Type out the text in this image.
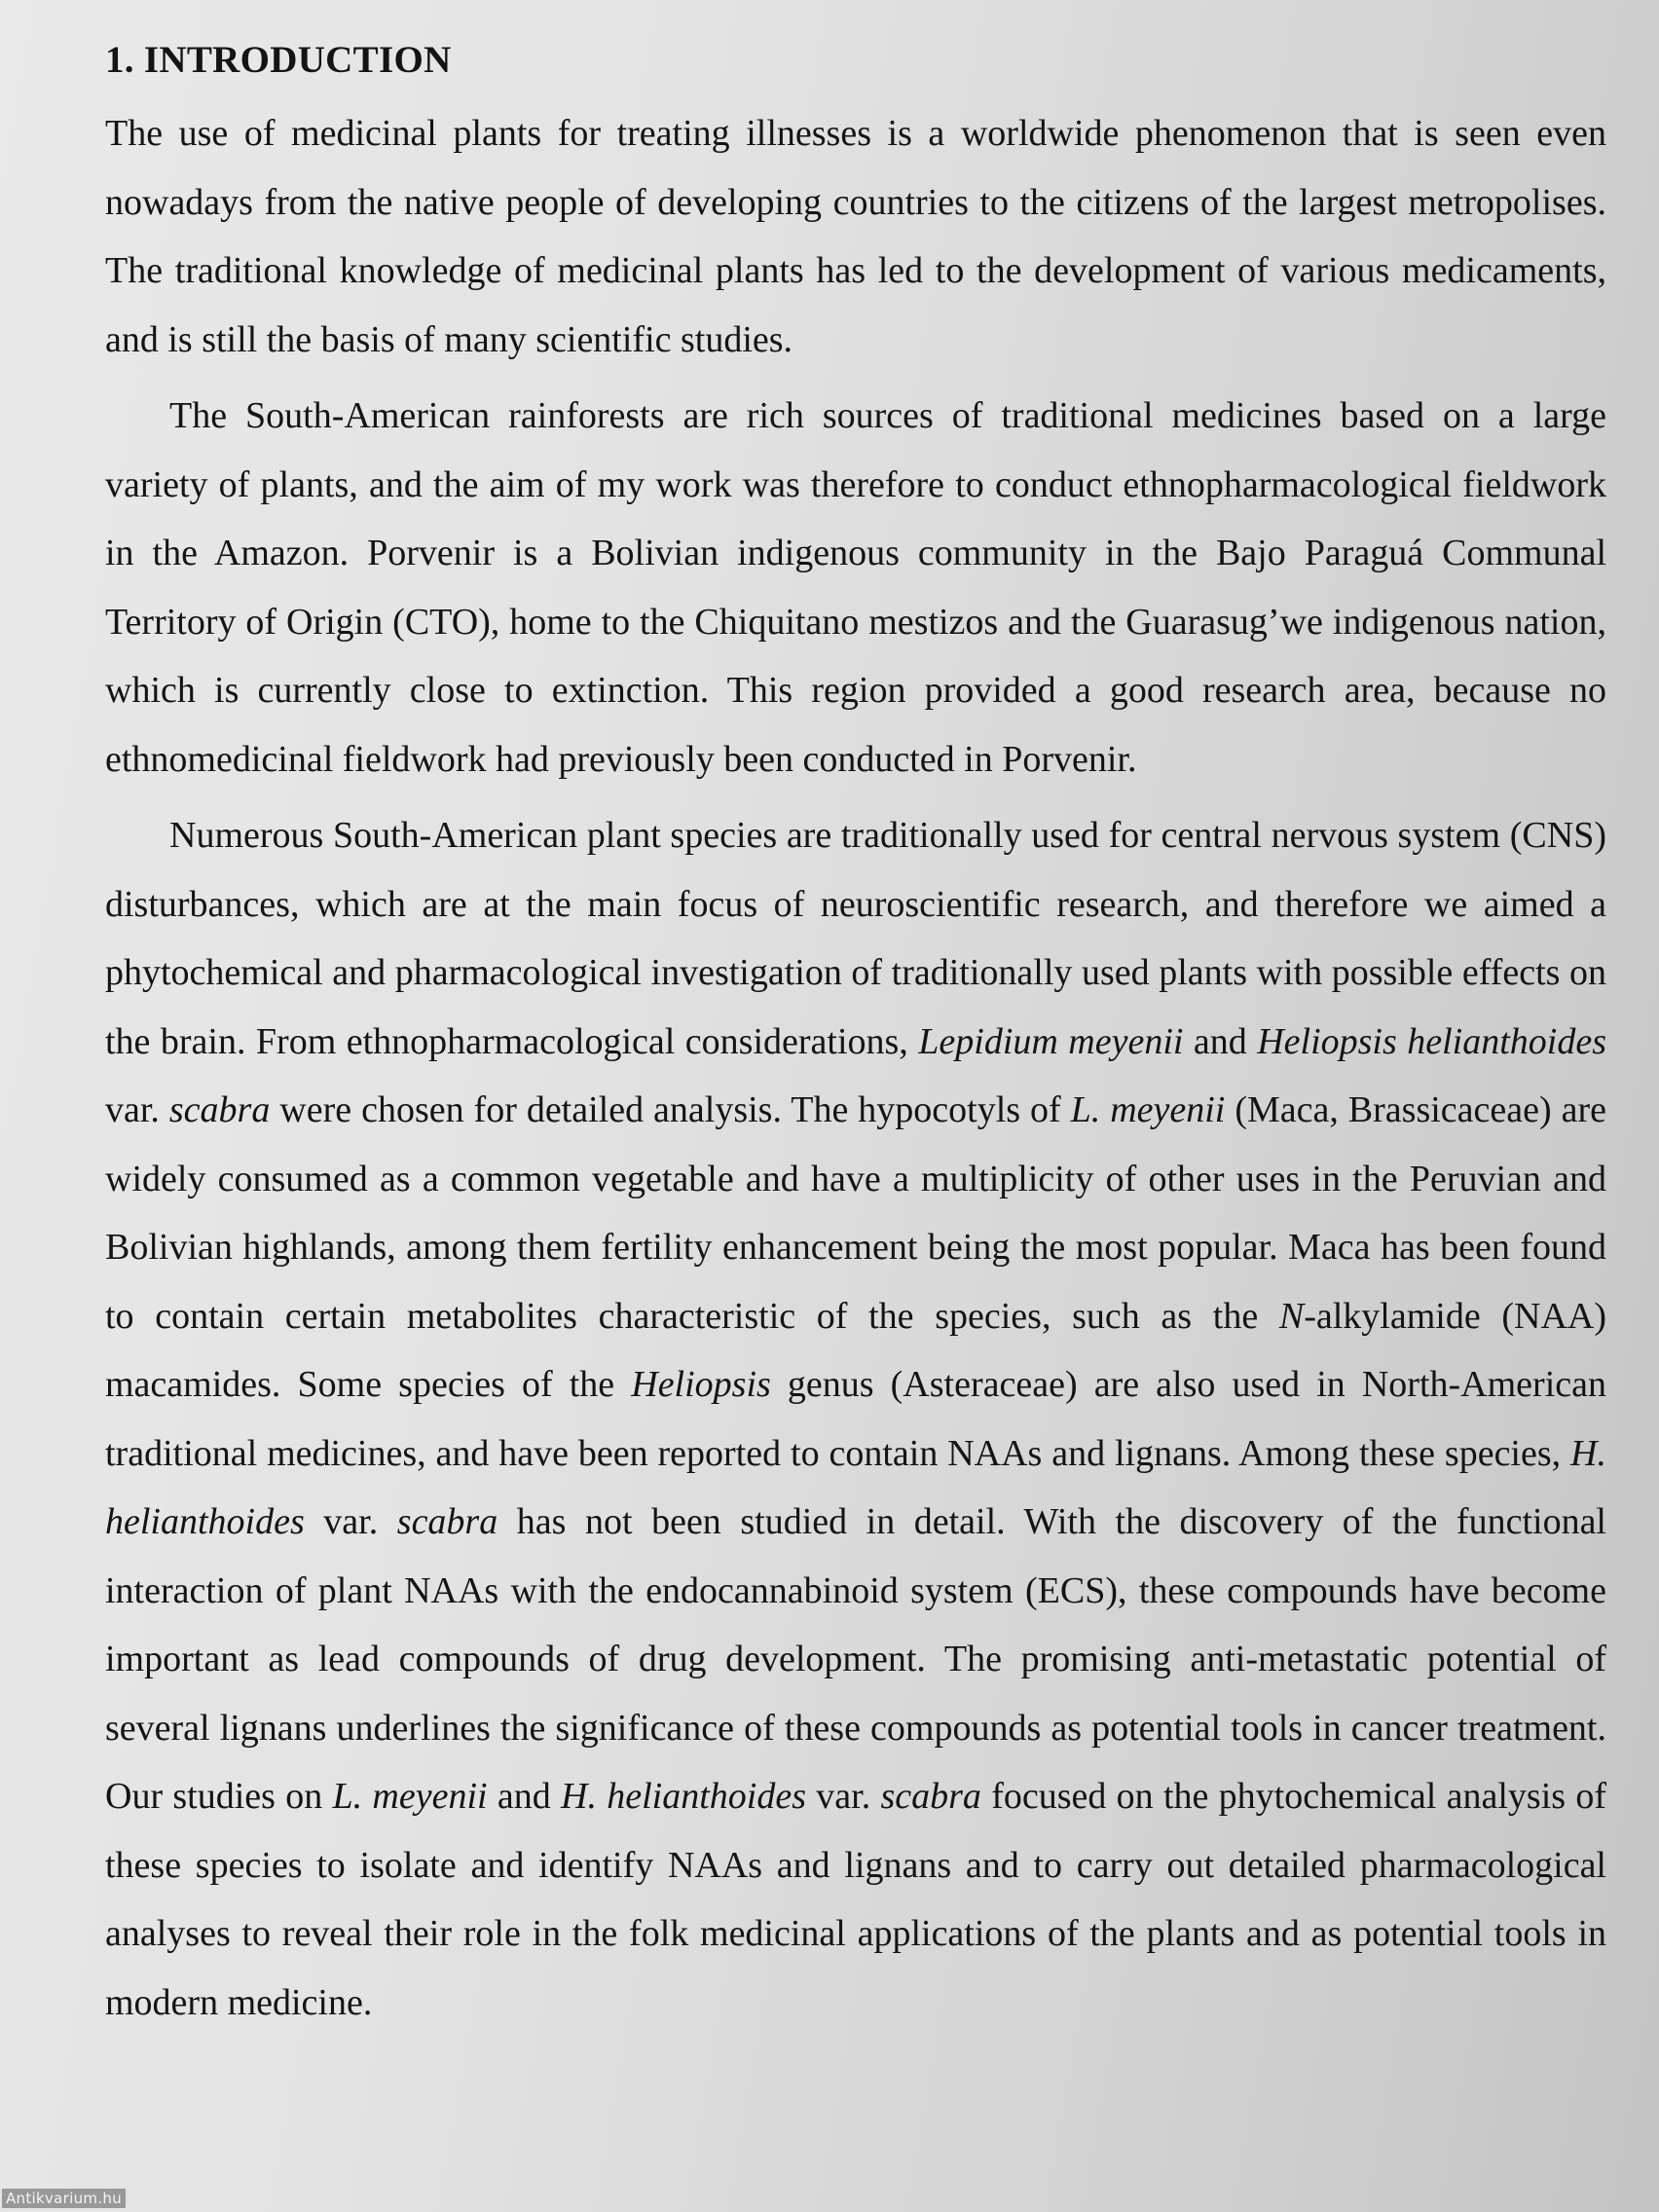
1. INTRODUCTION

The use of medicinal plants for treating illnesses is a worldwide phenomenon that is seen even nowadays from the native people of developing countries to the citizens of the largest metropolises. The traditional knowledge of medicinal plants has led to the development of various medicaments, and is still the basis of many scientific studies.

The South-American rainforests are rich sources of traditional medicines based on a large variety of plants, and the aim of my work was therefore to conduct ethnopharmacological fieldwork in the Amazon. Porvenir is a Bolivian indigenous community in the Bajo Paraguá Communal Territory of Origin (CTO), home to the Chiquitano mestizos and the Guarasug’we indigenous nation, which is currently close to extinction. This region provided a good research area, because no ethnomedicinal fieldwork had previously been conducted in Porvenir.

Numerous South-American plant species are traditionally used for central nervous system (CNS) disturbances, which are at the main focus of neuroscientific research, and therefore we aimed a phytochemical and pharmacological investigation of traditionally used plants with possible effects on the brain. From ethnopharmacological considerations, Lepidium meyenii and Heliopsis helianthoides var. scabra were chosen for detailed analysis. The hypocotyls of L. meyenii (Maca, Brassicaceae) are widely consumed as a common vegetable and have a multiplicity of other uses in the Peruvian and Bolivian highlands, among them fertility enhancement being the most popular. Maca has been found to contain certain metabolites characteristic of the species, such as the N-alkylamide (NAA) macamides. Some species of the Heliopsis genus (Asteraceae) are also used in North-American traditional medicines, and have been reported to contain NAAs and lignans. Among these species, H. helianthoides var. scabra has not been studied in detail. With the discovery of the functional interaction of plant NAAs with the endocannabinoid system (ECS), these compounds have become important as lead compounds of drug development. The promising anti-metastatic potential of several lignans underlines the significance of these compounds as potential tools in cancer treatment. Our studies on L. meyenii and H. helianthoides var. scabra focused on the phytochemical analysis of these species to isolate and identify NAAs and lignans and to carry out detailed pharmacological analyses to reveal their role in the folk medicinal applications of the plants and as potential tools in modern medicine.

Antikvarium.hu
